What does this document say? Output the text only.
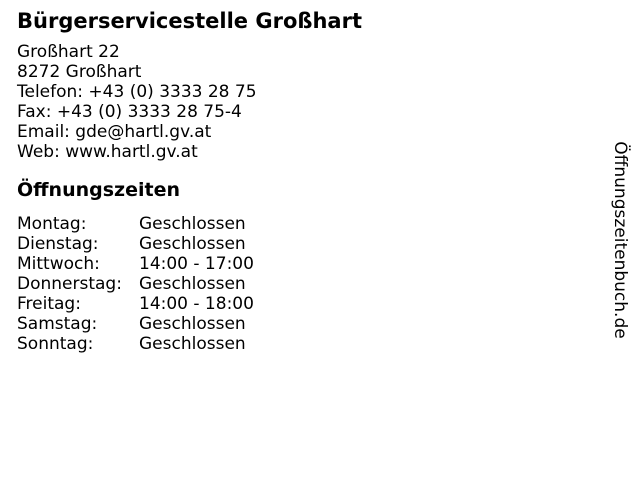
Bürgerservicestelle Großhart
Großhart 22
8272 Großhart
Telefon: +43 (0) 3333 28 75
Fax: +43 (0) 3333 28 75-4
Email: gde@hartl.gv.at
Web: www.hartl.gv.at
Öffnungszeiten
Montag:	Geschlossen
Dienstag:	Geschlossen
Mittwoch:	14:00 - 17:00
Donnerstag:	Geschlossen
Freitag:	14:00 - 18:00
Samstag:	Geschlossen
Sonntag:	Geschlossen
Öffnungszeitenbuch.de
